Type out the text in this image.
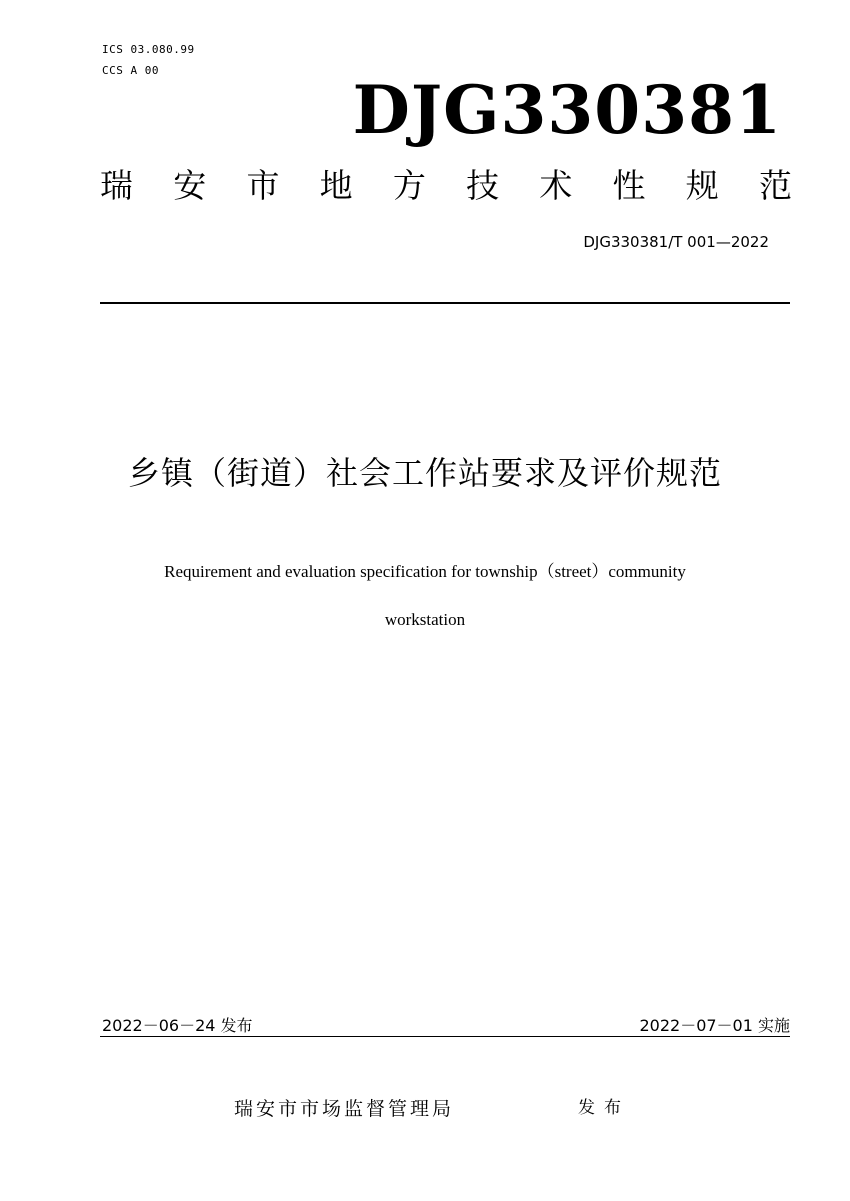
ICS 03.080.99
CCS A 00
DJG330381
瑞 安 市 地 方 技 术 性 规 范
DJG330381/T 001—2022
乡镇（街道）社会工作站要求及评价规范
Requirement and evaluation specification for township（street）community
workstation
2022－06－24 发布	2022－07－01 实施
瑞安市市场监督管理局	发布
